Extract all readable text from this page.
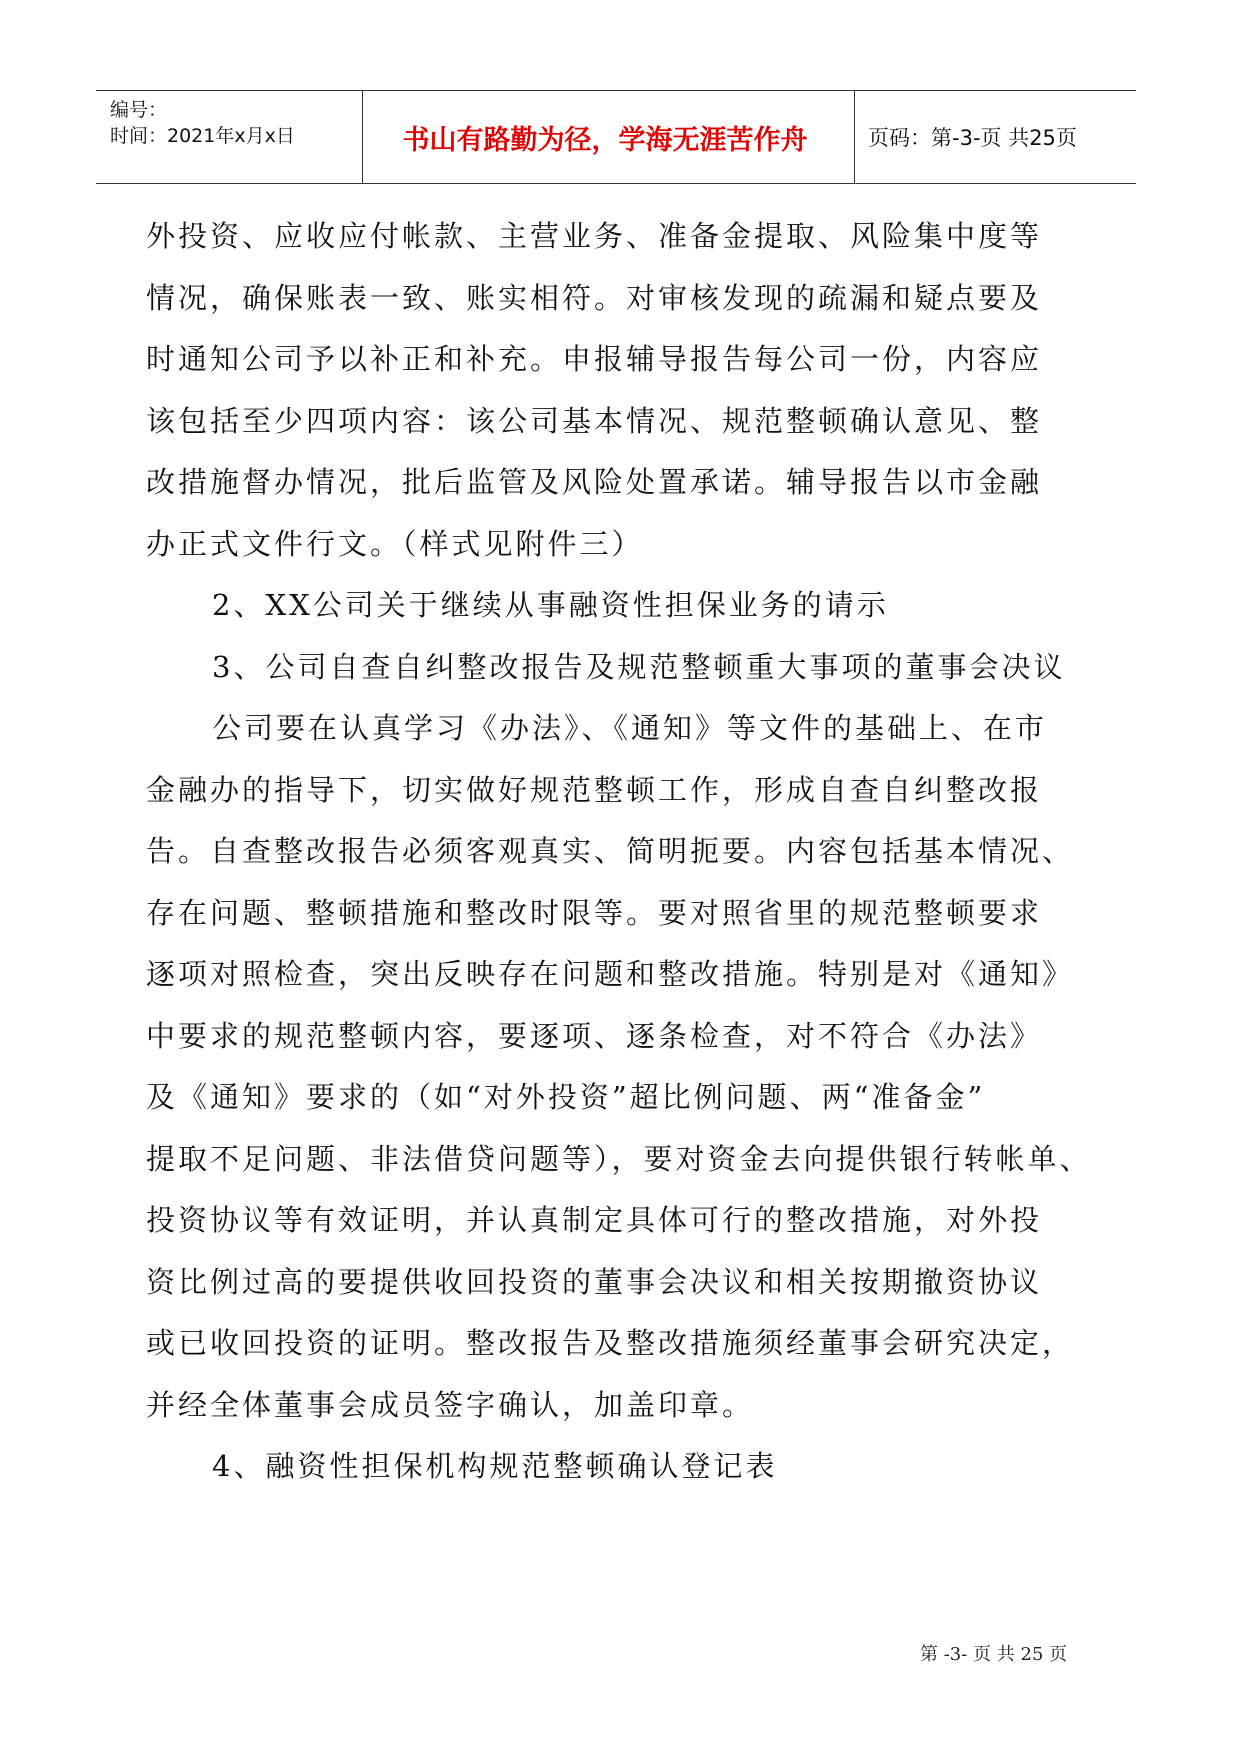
编号：
时间：2021年x月x日	书山有路勤为径，学海无涯苦作舟	页码：第-3-页 共25页
外投资、应收应付帐款、主营业务、准备金提取、风险集中度等
情况，确保账表一致、账实相符。对审核发现的疏漏和疑点要及
时通知公司予以补正和补充。申报辅导报告每公司一份，内容应
该包括至少四项内容：该公司基本情况、规范整顿确认意见、整
改措施督办情况，批后监管及风险处置承诺。辅导报告以市金融
办正式文件行文。（样式见附件三）
2、XX公司关于继续从事融资性担保业务的请示
3、公司自查自纠整改报告及规范整顿重大事项的董事会决议
公司要在认真学习《办法》、《通知》等文件的基础上、在市
金融办的指导下，切实做好规范整顿工作，形成自查自纠整改报
告。自查整改报告必须客观真实、简明扼要。内容包括基本情况、
存在问题、整顿措施和整改时限等。要对照省里的规范整顿要求
逐项对照检查，突出反映存在问题和整改措施。特别是对《通知》
中要求的规范整顿内容，要逐项、逐条检查，对不符合《办法》
及《通知》要求的（如“对外投资”超比例问题、两“准备金”
提取不足问题、非法借贷问题等），要对资金去向提供银行转帐单、
投资协议等有效证明，并认真制定具体可行的整改措施，对外投
资比例过高的要提供收回投资的董事会决议和相关按期撤资协议
或已收回投资的证明。整改报告及整改措施须经董事会研究决定，
并经全体董事会成员签字确认，加盖印章。
4、融资性担保机构规范整顿确认登记表
第 -3- 页 共 25 页
